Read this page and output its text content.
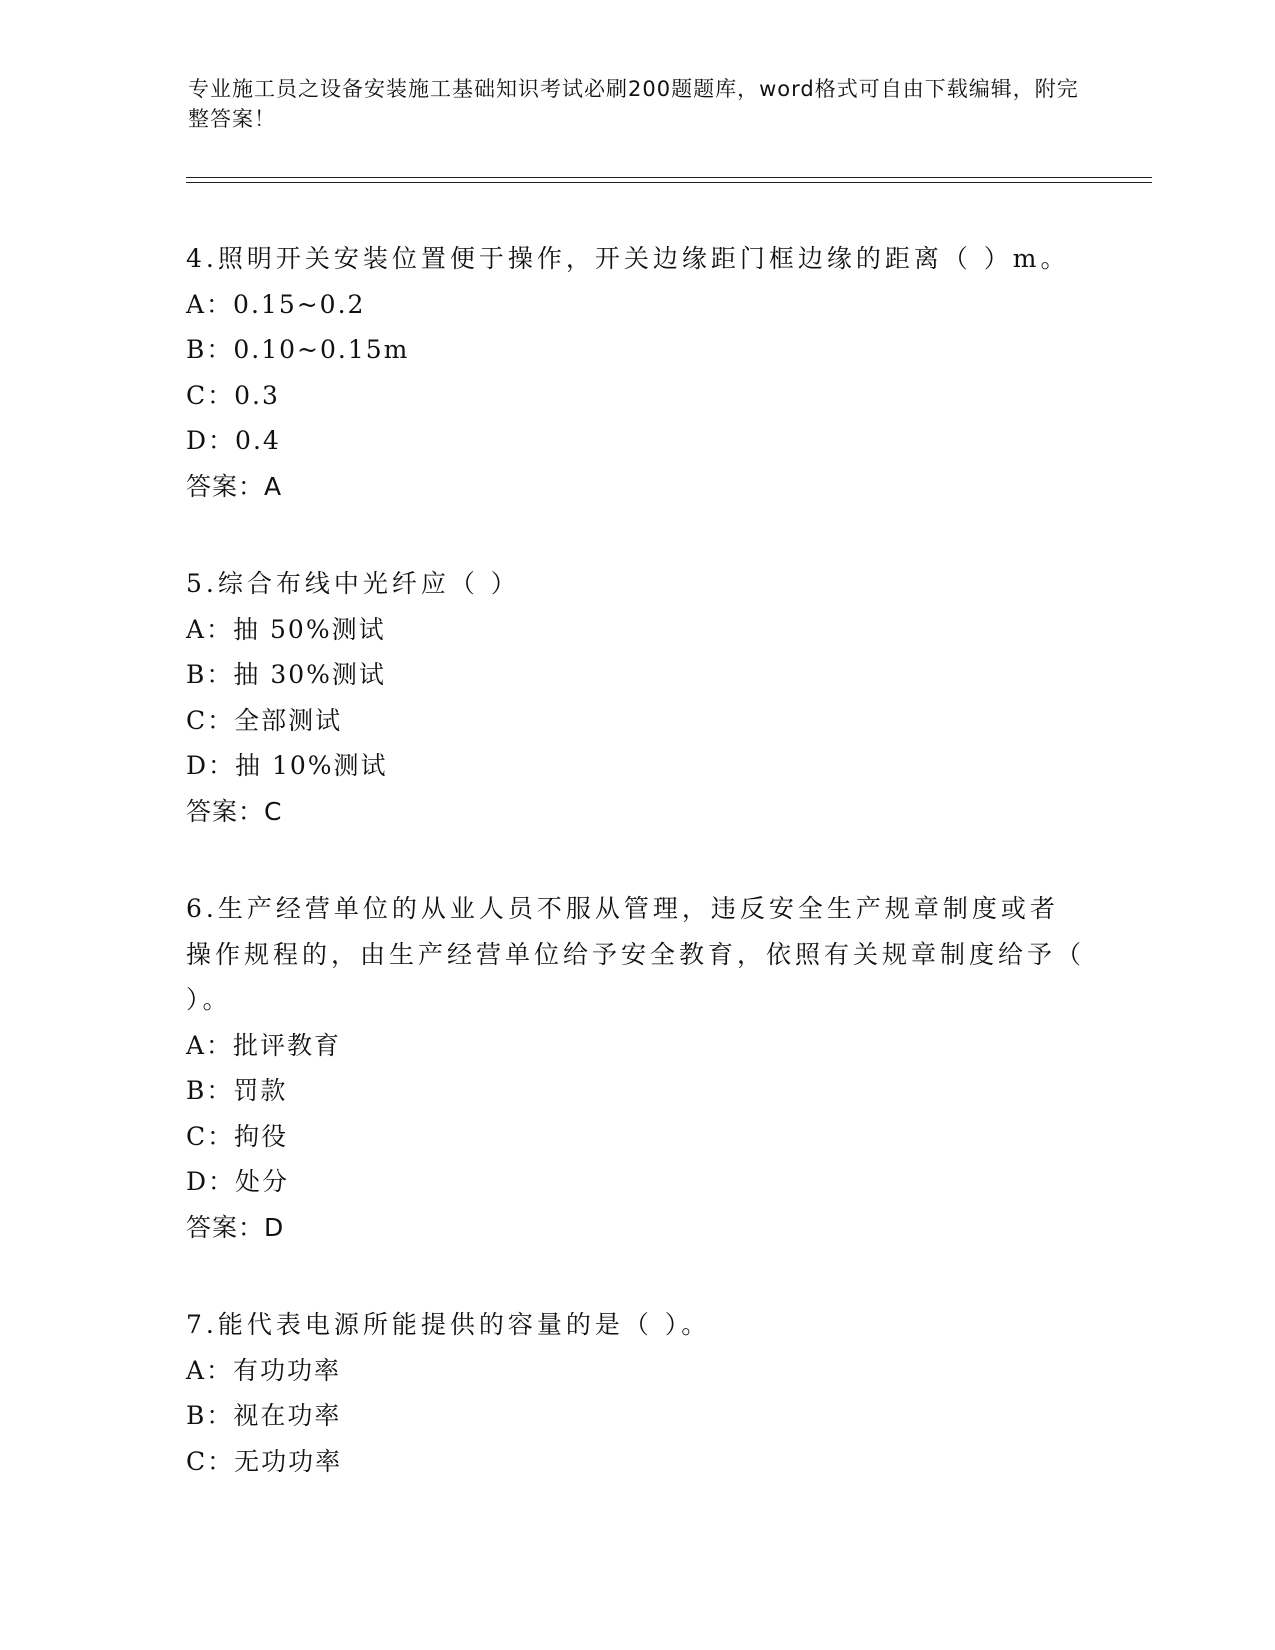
专业施工员之设备安装施工基础知识考试必刷200题题库，word格式可自由下载编辑，附完整答案！

4.照明开关安装位置便于操作，开关边缘距门框边缘的距离（ ）m。

A：0.15~0.2

B：0.10~0.15m

C：0.3

D：0.4

答案：A

5.综合布线中光纤应（ ）

A：抽 50%测试

B：抽 30%测试

C：全部测试

D：抽 10%测试

答案：C

6.生产经营单位的从业人员不服从管理，违反安全生产规章制度或者操作规程的，由生产经营单位给予安全教育，依照有关规章制度给予（ ）。

A：批评教育

B：罚款

C：拘役

D：处分

答案：D

7.能代表电源所能提供的容量的是（ ）。

A：有功功率

B：视在功率

C：无功功率
